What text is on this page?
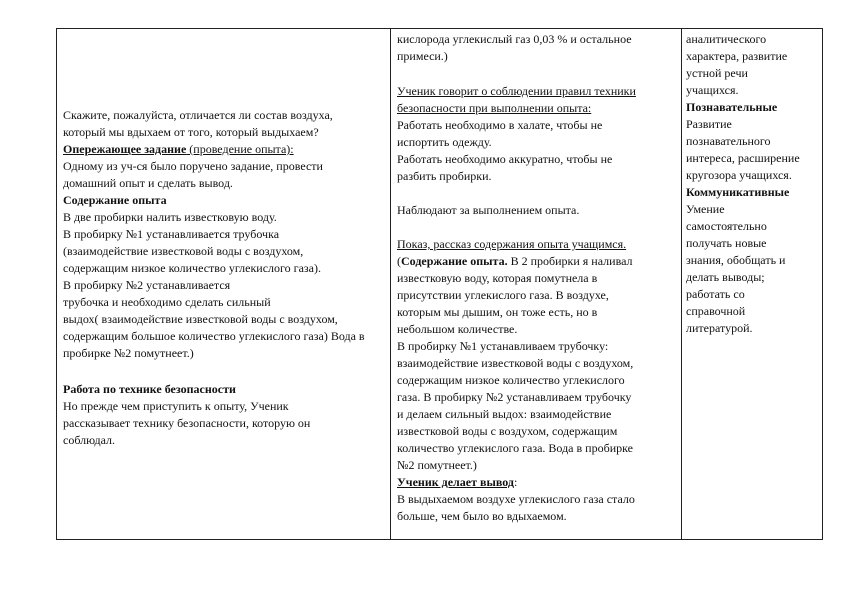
Скажите, пожалуйста, отличается ли состав воздуха,
который мы вдыхаем от того, который выдыхаем?
Опережающее задание (проведение опыта):
Одному из уч-ся было поручено задание, провести
домашний опыт и сделать вывод.
Содержание опыта
В две пробирки налить известковую воду.
В пробирку №1 устанавливается трубочка
(взаимодействие известковой воды с воздухом,
содержащим низкое количество углекислого газа).
В пробирку №2 устанавливается
трубочка и необходимо сделать сильный
выдох( взаимодействие известковой воды с воздухом,
содержащим большое количество углекислого газа) Вода в
пробирке №2 помутнеет.)
Работа по технике безопасности
Но прежде чем приступить к опыту, Ученик
рассказывает технику безопасности, которую он
соблюдал.
кислорода углекислый газ 0,03 % и остальное
примеси.)
Ученик говорит о соблюдении правил техники
безопасности при выполнении опыта:
Работать необходимо в халате, чтобы не
испортить одежду.
Работать необходимо аккуратно, чтобы не
разбить пробирки.
Наблюдают за выполнением опыта.
Показ, рассказ содержания опыта учащимся.
(Содержание опыта. В 2 пробирки я наливал
известковую воду, которая помутнела в
присутствии углекислого газа. В воздухе,
которым мы дышим, он тоже есть, но в
небольшом количестве.
В пробирку №1 устанавливаем трубочку:
взаимодействие известковой воды с воздухом,
содержащим низкое количество углекислого
газа. В пробирку №2 устанавливаем трубочку
и делаем сильный выдох: взаимодействие
известковой воды с воздухом, содержащим
количество углекислого газа. Вода в пробирке
№2 помутнеет.)
Ученик делает вывод:
В выдыхаемом воздухе углекислого газа стало
больше, чем было во вдыхаемом.
аналитического
характера, развитие
устной речи
учащихся.
Познавательные
Развитие
познавательного
интереса, расширение
кругозора учащихся.
Коммуникативные
Умение
самостоятельно
получать новые
знания, обобщать и
делать выводы;
работать со
справочной
литературой.
